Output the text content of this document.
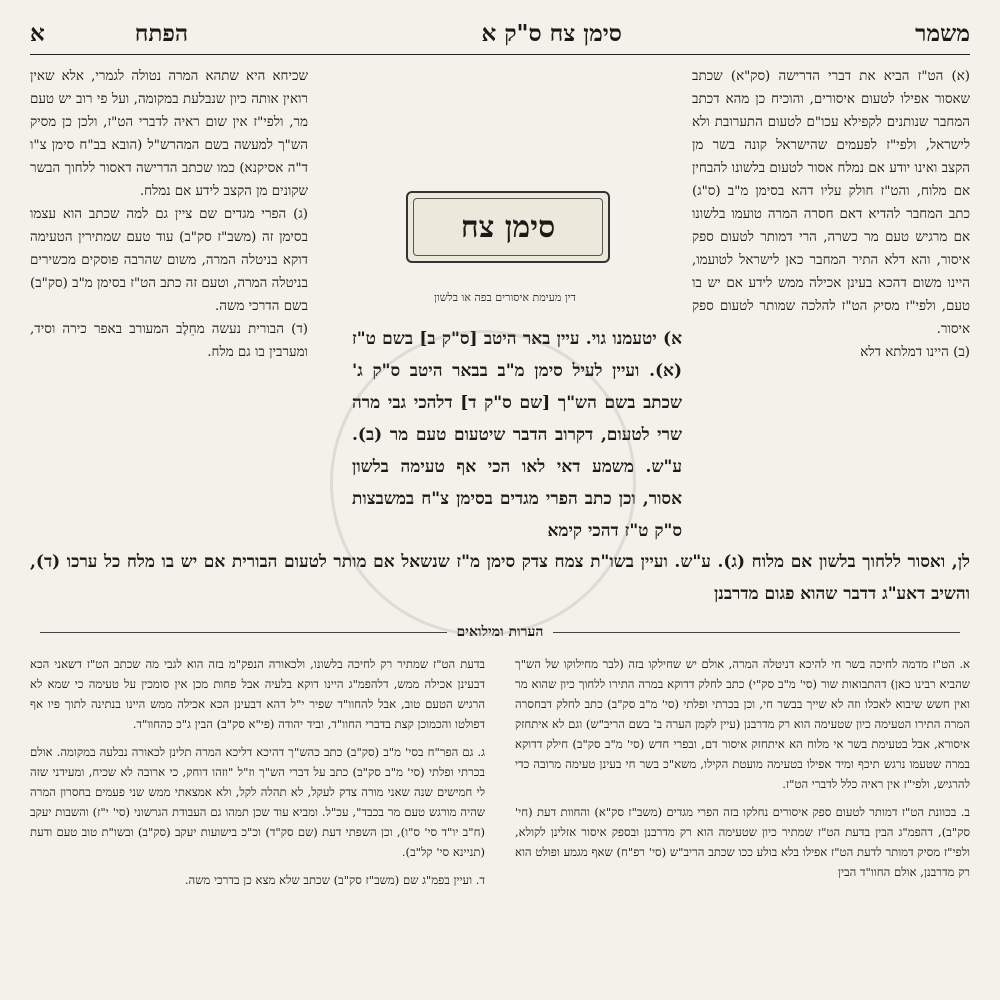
משמר
סימן צח ס"ק א
הפתח
א

(א) הט"ז הביא את דברי הדרישה (סק"א) שכתב שאסור אפילו לטעום איסורים, והוכיח כן מהא דכתב המחבר שנותנים לקפילא עכו"ם לטעום התערובת ולא לישראל, ולפי"ז לפעמים שהישראל קונה בשר מן הקצב ואינו יודע אם נמלח אסור לטעום בלשונו להבחין אם מלוח, והט"ז חולק עליו דהא בסימן מ"ב (ס"ג) כתב המחבר להדיא דאם חסרה המרה טועמו בלשונו אם מרגיש טעם מר כשרה, הרי דמותר לטעום ספק איסור, והא דלא התיר המחבר כאן לישראל לטועמו, היינו משום דהכא בעינן אכילה ממש לידע אם יש בו טעם, ולפי"ז מסיק הט"ז להלכה שמותר לטעום ספק איסור.

(ב) היינו דמלתא דלא

סימן צח
דין מעימת איסורים בפה או בלשון

א) יטעמנו גוי. עיין באר היטב [ס"ק ב] בשם ט"ז (א). ועיין לעיל סימן מ"ב בבאר היטב ס"ק ג' שכתב בשם הש"ך [שם ס"ק ד] דלהכי גבי מרה שרי לטעום, דקרוב הדבר שיטעום טעם מר (ב). ע"ש. משמע דאי לאו הכי אף טעימה בלשון אסור, וכן כתב הפרי מגדים בסימן צ"ח במשבצות ס"ק ט"ז דהכי קימא

שכיחא היא שתהא המרה נטולה לגמרי, אלא שאין רואין אותה כיון שנבלעת במקומה, ועל פי רוב יש טעם מר, ולפי"ז אין שום ראיה לדברי הט"ז, ולכן כן מסיק הש"ך למעשה בשם המהרש"ל (הובא בב"ח סימן צ"ו ד"ה אסיקנא) כמו שכתב הדרישה דאסור ללחוך הבשר שקונים מן הקצב לידע אם נמלח.

(ג) הפרי מגדים שם ציין גם למה שכתב הוא עצמו בסימן זה (משב"ז סק"ב) עוד טעם שמתירין הטעימה דוקא בניטלה המרה, משום שהרבה פוסקים מכשירים בניטלה המרה, וטעם זה כתב הט"ז בסימן מ"ב (סק"ב) בשם הדרכי משה.

(ד) הבורית נעשה מחֵלֶב המעורב באפר כירה וסיד, ומערבין בו גם מלח.

לן, ואסור ללחוך בלשון אם מלוח (ג). ע"ש. ועיין בשו"ת צמח צדק סימן מ"ז שנשאל אם מותר לטעום הבורית אם יש בו מלח כל ערכו (ד), והשיב דאע"ג דדבר שהוא פגום מדרבנן
הערות ומילואים

א. הט"ז מדמה לחיכה בשר חי להיכא דניטלה המרה, אולם יש שחילקו בזה (לבר מחילוקו של הש"ך שהביא רבינו כאן) דהתבואות שור (סי' מ"ב סק"י) כתב לחלק דדוקא במרה התירו ללחוך כיון שהוא מר ואין חשש שיבוא לאכלו וזה לא שייך בבשר חי, וכן בכרתי ופלתי (סי' מ"ב סק"ב) כתב לחלק דבחסרה המרה התירו הטעימה כיון שטעימה הוא רק מדרבנן (עיין לקמן הערה ב' בשם הריב"ש) וגם לא איתחזק איסורא, אבל בטעימת בשר אי מלוח הא איתחזק איסור דם, ובפרי חדש (סי' מ"ב סק"ב) חילק דדוקא במרה שטעמו נרגש תיכף ומיד אפילו בטעימה מועטת הקילו, משא"כ בשר חי בעינן טעימה מרובה כדי להרגיש, ולפי"ז אין ראיה כלל לדברי הט"ז.

ב. בכוונת הט"ז דמותר לטעום ספק איסורים נחלקו בזה הפרי מגדים (משב"ז סק"א) והחוות דעת (חי' סק"ב), דהפמ"ג הבין בדעת הט"ז שמתיר כיון שטעימה הוא רק מדרבנן ובספק איסור אזלינן לקולא, ולפי"ז מסיק דמותר לדעת הט"ז אפילו בלא בולע ככו שכתב הריב"ש (סי' רפ"ח) שאף מגמע ופולט הוא רק מדרבנן, אולם החוו"ד הבין

בדעת הט"ז שמתיר רק לחיכה בלשונו, ולכאורה הנפק"מ בזה הוא לגבי מה שכתב הט"ז דשאני הכא דבעינן אכילה ממש, דלהפמ"ג היינו דוקא בלעיה אבל פחות מכן אין סומכין על טעימה כי שמא לא הרגיש הטעם טוב, אבל להחוו"ד שפיר י"ל דהא דבעינן הכא אכילה ממש היינו בנתינה לתוך פיו אף דפולטו והכמוכן קצת בדברי החוו"ד, וביד יהודה (פי"א סק"ב) הבין ג"כ כהחוו"ד.

ג. גם הפר"ח בסי' מ"ב (סק"ב) כתב כהש"ך דהיכא דליכא המרה תלינן לכאורה נבלעה במקומה. אולם בכרתי ופלתי (סי' מ"ב סק"ב) כתב על דברי הש"ך וז"ל "וזהו דוחק, כי ארובה לא שכיח, ומעידני שזה לי חמישים שנה שאני מורה צדק לעקל, לא תהלה לקל, ולא אמצאתי ממש שני פעמים בחסרון המרה שהיה מורגש טעם מר בכבד", עכ"ל. ומביא עוד שכן תמהו גם העבודת הגרשוני (סי' י"ז) והשבות יעקב (ח"ב יו"ד סי' ס"ו), וכן השפתי דעת (שם סק"ד) וכ"כ בישועות יעקב (סק"ב) ובשו"ת טוב טעם ודעת (תניינא סי' קל"ב).

ד. ועיין בפמ"ג שם (משב"ז סק"ב) שכתב שלא מצא כן בדרכי משה.
